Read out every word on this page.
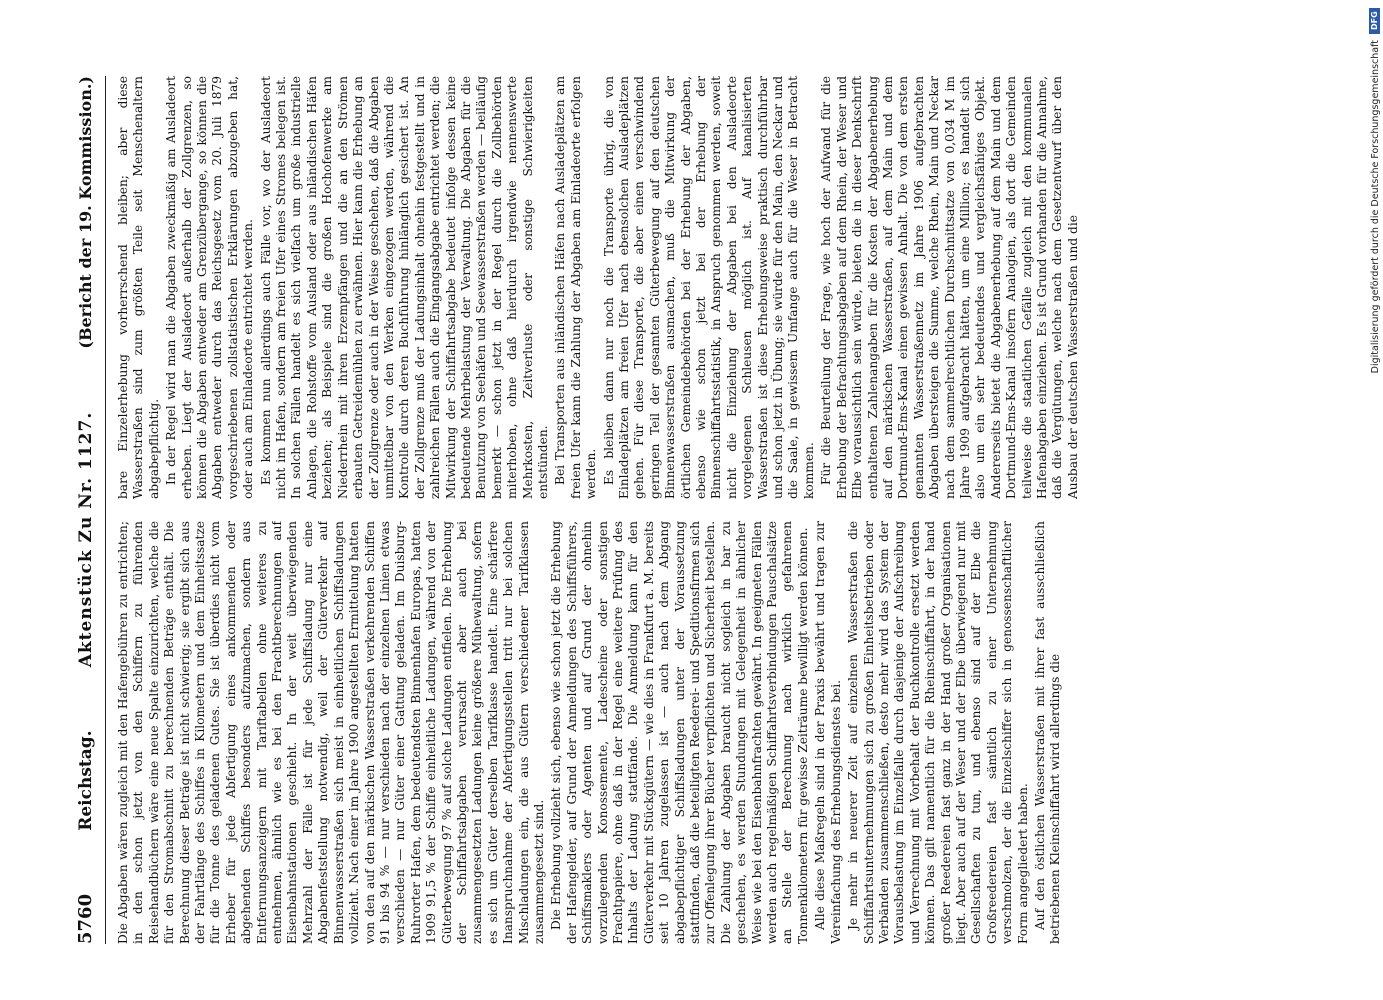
5760
Reichstag.
Aktenstück Zu Nr. 1127.
(Bericht der 19. Kommission.)

Die Abgaben wären zugleich mit den Hafengebühren zu entrichten; in den schon jetzt von den Schiffern zu führenden Reisehandbüchern wäre eine neue Spalte einzurichten, welche die für den Stromabschnitt zu berechnenden Beträge enthält. Die Berechnung dieser Beträge ist nicht schwierig; sie ergibt sich aus der Fahrtlänge des Schiffes in Kilometern und dem Einheitssatze für die Tonne des geladenen Gutes. Sie ist überdies nicht vom Erheber für jede Abfertigung eines ankommenden oder abgehenden Schiffes besonders aufzumachen, sondern aus Entfernungsanzeigern mit Tariftabellen ohne weiteres zu entnehmen, ähnlich wie es bei den Frachtberechnungen auf Eisenbahnstationen geschieht. In der weit überwiegenden Mehrzahl der Fälle ist für jede Schiffsladung nur eine Abgabenfeststellung notwendig, weil der Güterverkehr auf Binnenwasserstraßen sich meist in einheitlichen Schiffsladungen vollzieht. Nach einer im Jahre 1900 angestellten Ermittelung hatten von den auf den märkischen Wasserstraßen verkehrenden Schiffen 91 bis 94 % — nur verschieden nach der einzelnen Linien etwas verschieden — nur Güter einer Gattung geladen. Im Duisburg-Ruhrorter Hafen, dem bedeutendsten Binnenhafen Europas, hatten 1909 91,5 % der Schiffe einheitliche Ladungen, während von der Güterbewegung 97 % auf solche Ladungen entfielen. Die Erhebung der Schiffahrtsabgaben verursacht aber auch bei zusammengesetzten Ladungen keine größere Mühewaltung, sofern es sich um Güter derselben Tarifklasse handelt. Eine schärfere Inanspruchnahme der Abfertigungsstellen tritt nur bei solchen Mischladungen ein, die aus Gütern verschiedener Tarifklassen zusammengesetzt sind. Die Erhebung vollzieht sich, ebenso wie schon jetzt die Erhebung der Hafengelder, auf Grund der Anmeldungen des Schiffsführers, Schiffsmaklers oder Agenten und auf Grund der ohnehin vorzulegenden Konossemente, Ladescheine oder sonstigen Frachtpapiere, ohne daß in der Regel eine weitere Prüfung des Inhalts der Ladung stattfände. Die Anmeldung kann für den Güterverkehr mit Stückgütern — wie dies in Frankfurt a. M. bereits seit 10 Jahren zugelassen ist — auch nach dem Abgang abgabepflichtiger Schiffsladungen unter der Voraussetzung stattfinden, daß die beteiligten Reederei- und Speditionsfirmen sich zur Offenlegung ihrer Bücher verpflichten und Sicherheit bestellen. Die Zahlung der Abgaben braucht nicht sogleich in bar zu geschehen, es werden Stundungen mit Gelegenheit in ähnlicher Weise wie bei den Eisenbahnfrachten gewährt. In geeigneten Fällen werden auch regelmäßigen Schiffahrtsverbindungen Pauschalsätze an Stelle der Berechnung nach wirklich gefahrenen Tonnenkilometern für gewisse Zeiträume bewilligt werden können. Alle diese Maßregeln sind in der Praxis bewährt und tragen zur Vereinfachung des Erhebungsdienstes bei. Je mehr in neuerer Zeit auf einzelnen Wasserstraßen die Schiffahrtsunternehmungen sich zu großen Einheitsbetrieben oder Verbänden zusammenschließen, desto mehr wird das System der Vorausbelastung im Einzelfalle durch dasjenige der Aufschreibung und Verrechnung mit Vorbehalt der Buchkontrolle ersetzt werden können. Das gilt namentlich für die Rheinschiffahrt, in der hand großer Reedereien fast ganz in der Hand großer Organisationen liegt. Aber auch auf der Weser und der Elbe überwiegend nur mit Gesellschaften zu tun, und ebenso sind auf der Elbe die Großreedereien fast sämtlich zu einer Unternehmung verschmolzen, der die Einzelschiffer sich in genossenschaftlicher Form angegliedert haben. Auf den östlichen Wasserstraßen mit ihrer fast ausschließlich betriebenen Kleinschiffahrt wird allerdings die

bare Einzelerhebung vorherrschend bleiben; aber diese Wasserstraßen sind zum größten Teile seit Menschenaltern abgabepflichtig. In der Regel wird man die Abgaben zweckmäßig am Ausladeort erheben. Liegt der Ausladeort außerhalb der Zollgrenzen, so können die Abgaben entweder am Grenzübergange, so können die Abgaben entweder durch das Reichsgesetz vom 20. Juli 1879 vorgeschriebenen zollstatistischen Erklärungen abzugeben hat, oder auch am Einladeorte entrichtet werden. Es kommen nun allerdings auch Fälle vor, wo der Ausladeort nicht im Hafen, sondern am freien Ufer eines Stromes belegen ist. In solchen Fällen handelt es sich vielfach um große industrielle Anlagen, die Rohstoffe vom Ausland oder aus inländischen Häfen beziehen; als Beispiele sind die großen Hochofenwerke am Niederrhein mit ihren Erzempfängen und die an den Strömen erbauten Getreidemühlen zu erwähnen. Hier kann die Erhebung an der Zollgrenze oder auch in der Weise geschehen, daß die Abgaben unmittelbar von den Werken eingezogen werden, während die Kontrolle durch deren Buchführung hinlänglich gesichert ist. An der Zollgrenze muß der Ladungsinhalt ohnehin festgestellt und in zahlreichen Fällen auch die Eingangsabgabe entrichtet werden; die Mitwirkung der Schiffahrtsabgabe bedeutet infolge dessen keine bedeutende Mehrbelastung der Verwaltung. Die Abgaben für die Benutzung von Seehäfen und Seewasserstraßen werden — beiläufig bemerkt — schon jetzt in der Regel durch die Zollbehörden miterhoben, ohne daß hierdurch irgendwie nennenswerte Mehrkosten, Zeitverluste oder sonstige Schwierigkeiten entstünden. Bei Transporten aus inländischen Häfen nach Ausladeplätzen am freien Ufer kann die Zahlung der Abgaben am Einladeorte erfolgen werden. Es bleiben dann nur noch die Transporte übrig, die von Einladeplätzen am freien Ufer nach ebensolchen Ausladeplätzen gehen. Für diese Transporte, die aber einen verschwindend geringen Teil der gesamten Güterbewegung auf den deutschen Binnenwasserstraßen ausmachen, muß die Mitwirkung der örtlichen Gemeindebehörden bei der Erhebung der Abgaben, ebenso wie schon jetzt bei der Erhebung der Binnenschiffahrtsstatistik, in Anspruch genommen werden, soweit nicht die Einziehung der Abgaben bei den Ausladeorte vorgelegenen Schleusen möglich ist. Auf kanalisierten Wasserstraßen ist diese Erhebungsweise praktisch durchführbar und schon jetzt in Übung; sie würde für den Main, den Neckar und die Saale, in gewissem Umfange auch für die Weser in Betracht kommen. Für die Beurteilung der Frage, wie hoch der Aufwand für die Erhebung der Befrachtungsabgaben auf dem Rhein, der Weser und Elbe voraussichtlich sein würde, bieten die in dieser Denkschrift enthaltenen Zahlenangaben für die Kosten der Abgabenerhebung auf den märkischen Wasserstraßen, auf dem Main und dem Dortmund-Ems-Kanal einen gewissen Anhalt. Die von dem ersten genannten Wasserstraßennetz im Jahre 1906 aufgebrachten Abgaben übersteigen die Summe, welche Rhein, Main und Neckar nach dem sammelrechtlichen Durchschnittsatze von 0,034 M im Jahre 1909 aufgebracht hätten, um eine Million; es handelt sich also um ein sehr bedeutendes und vergleichsfähiges Objekt. Andererseits bietet die Abgabenerhebung auf dem Main und dem Dortmund-Ems-Kanal insofern Analogien, als dort die Gemeinden teilweise die staatlichen Gefälle zugleich mit den kommunalen Hafenabgaben einziehen. Es ist Grund vorhanden für die Annahme, daß die Vergütungen, welche nach dem Gesetzentwurf über den Ausbau der deutschen Wasserstraßen und die

DFG
Digitalisierung gefördert durch die Deutsche Forschungsgemeinschaft
